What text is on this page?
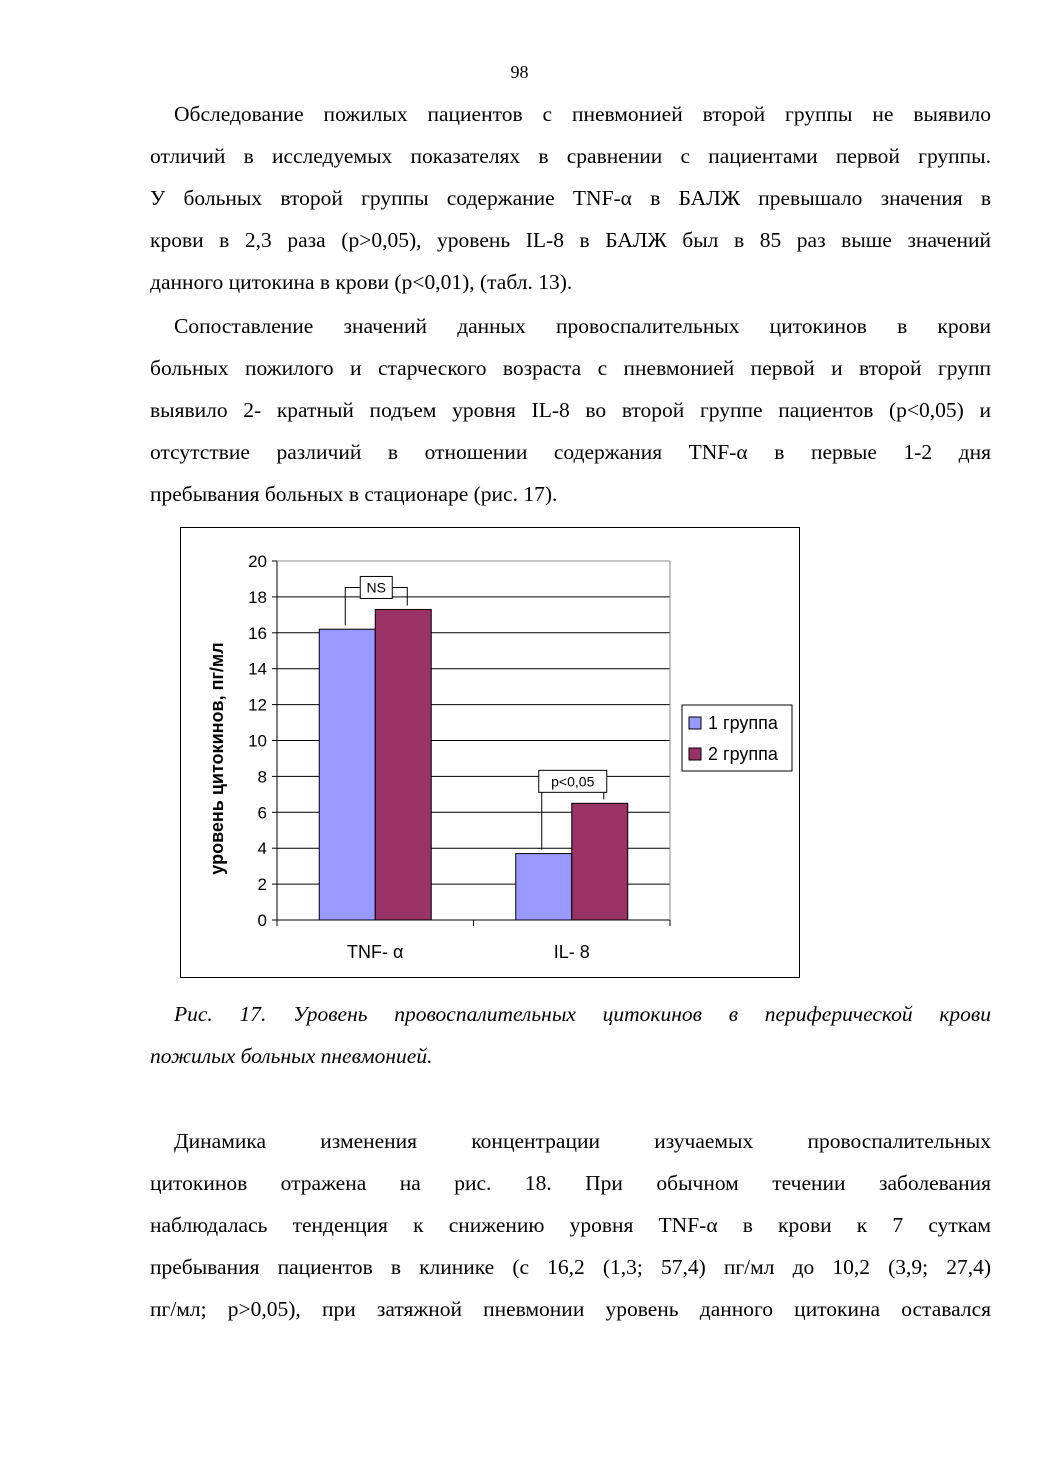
98
Обследование пожилых пациентов с пневмонией второй группы не выявило
отличий в исследуемых показателях в сравнении с пациентами первой группы.
У больных второй группы содержание TNF-α в БАЛЖ превышало значения в
крови в 2,3 раза (p>0,05), уровень IL-8 в БАЛЖ был в 85 раз выше значений
данного цитокина в крови (p<0,01), (табл. 13).
Сопоставление значений данных провоспалительных цитокинов в крови
больных пожилого и старческого возраста с пневмонией первой и второй групп
выявило 2- кратный подъем уровня IL-8 во второй группе пациентов (p<0,05) и
отсутствие различий в отношении содержания TNF-α в первые 1-2 дня
пребывания больных в стационаре (рис. 17).
0
2
4
6
8
10
12
14
16
18
20
TNF- α	IL- 8
NS
p<0,05
уровень цитокинов, пг/мл	1 группа
2 группа
Рис. 17. Уровень провоспалительных цитокинов в периферической крови
пожилых больных пневмонией.
Динамика изменения концентрации изучаемых провоспалительных
цитокинов отражена на рис. 18. При обычном течении заболевания
наблюдалась тенденция к снижению уровня TNF-α в крови к 7 суткам
пребывания пациентов в клинике (с 16,2 (1,3; 57,4) пг/мл до 10,2 (3,9; 27,4)
пг/мл; p>0,05), при затяжной пневмонии уровень данного цитокина оставался
